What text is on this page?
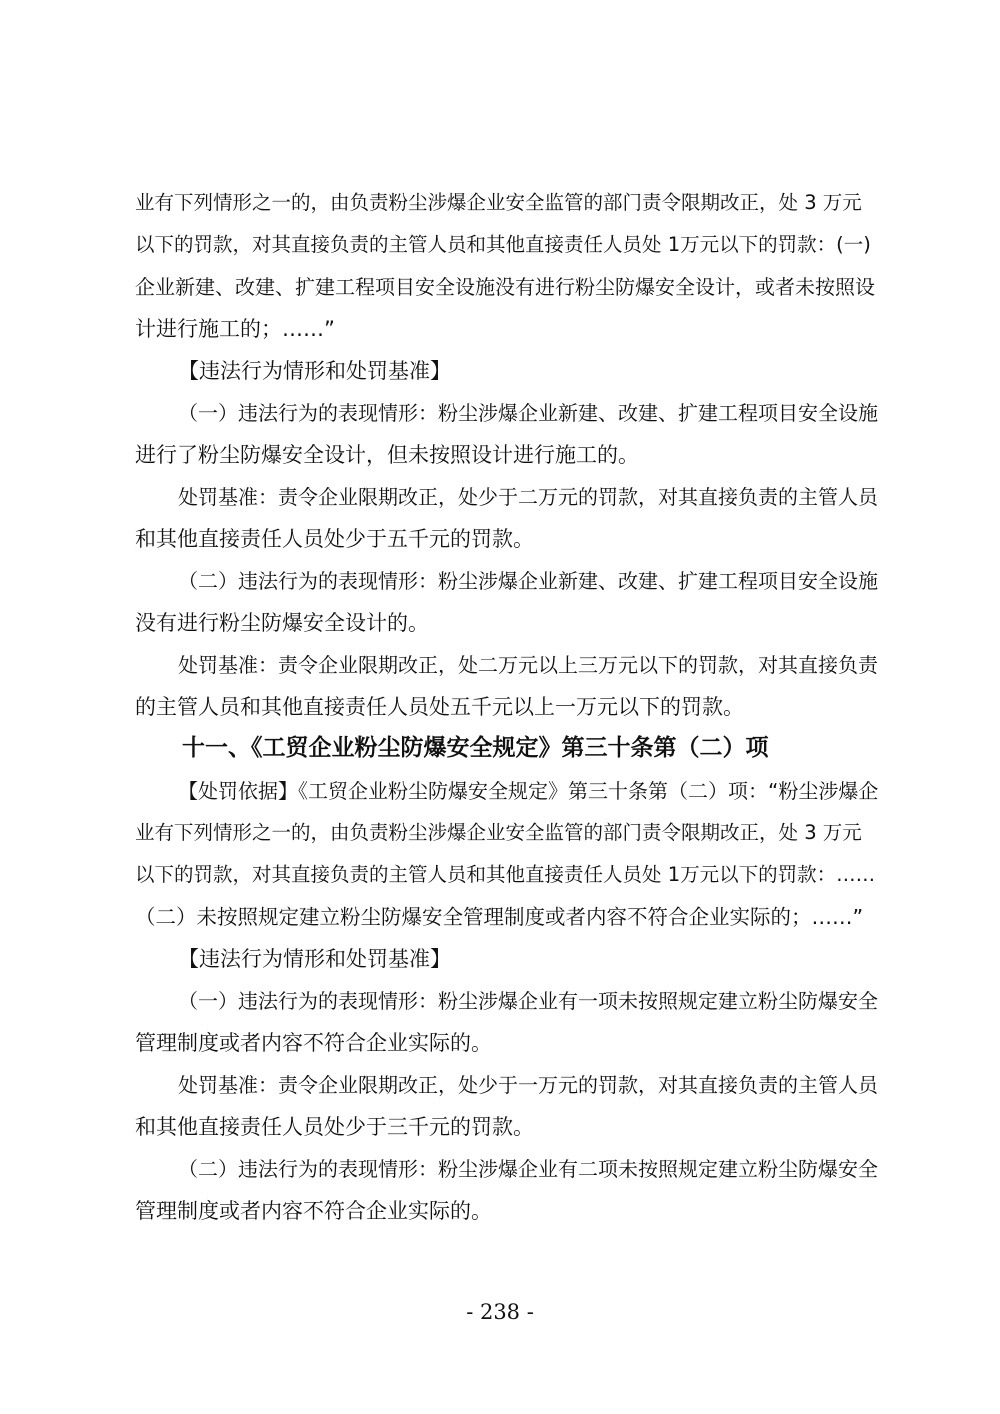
业有下列情形之一的，由负责粉尘涉爆企业安全监管的部门责令限期改正，处 3 万元
以下的罚款，对其直接负责的主管人员和其他直接责任人员处 1万元以下的罚款：(一)
企业新建、改建、扩建工程项目安全设施没有进行粉尘防爆安全设计，或者未按照设
计进行施工的；……”
【违法行为情形和处罚基准】
（一）违法行为的表现情形：粉尘涉爆企业新建、改建、扩建工程项目安全设施
进行了粉尘防爆安全设计，但未按照设计进行施工的。
处罚基准：责令企业限期改正，处少于二万元的罚款，对其直接负责的主管人员
和其他直接责任人员处少于五千元的罚款。
（二）违法行为的表现情形：粉尘涉爆企业新建、改建、扩建工程项目安全设施
没有进行粉尘防爆安全设计的。
处罚基准：责令企业限期改正，处二万元以上三万元以下的罚款，对其直接负责
的主管人员和其他直接责任人员处五千元以上一万元以下的罚款。
十一、《工贸企业粉尘防爆安全规定》第三十条第（二）项
【处罚依据】《工贸企业粉尘防爆安全规定》第三十条第（二）项：“粉尘涉爆企
业有下列情形之一的，由负责粉尘涉爆企业安全监管的部门责令限期改正，处 3 万元
以下的罚款，对其直接负责的主管人员和其他直接责任人员处 1万元以下的罚款：……
（二）未按照规定建立粉尘防爆安全管理制度或者内容不符合企业实际的；……”
【违法行为情形和处罚基准】
（一）违法行为的表现情形：粉尘涉爆企业有一项未按照规定建立粉尘防爆安全
管理制度或者内容不符合企业实际的。
处罚基准：责令企业限期改正，处少于一万元的罚款，对其直接负责的主管人员
和其他直接责任人员处少于三千元的罚款。
（二）违法行为的表现情形：粉尘涉爆企业有二项未按照规定建立粉尘防爆安全
管理制度或者内容不符合企业实际的。
- 238 -
